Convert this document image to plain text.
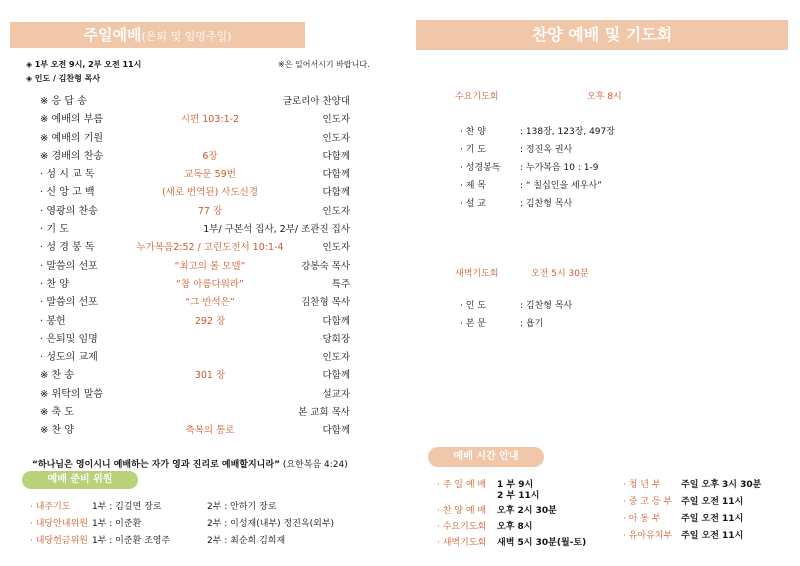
주일예배(은퇴 및 임명주일)
◈ 1부 오전 9시, 2부 오전 11시	※은 일어서시기 바랍니다.
◈ 인도 / 김찬형 목사
※ 응 답 송	글로리아 찬양대
※ 예배의 부름	시편 103:1-2	인도자
※ 예배의 기원	인도자
※ 경배의 찬송	6장	다함께
· 성 시 교 독	교독문 59번	다함께
· 신 앙 고 백	(새로 번역된) 사도신경	다함께
· 영광의 찬송	77 장	인도자
· 기 도	1부/ 구본석 집사, 2부/ 조관진 집사
· 성 경 봉 독	누가복음2:52 / 고린도전서 10:1-4	인도자
· 말씀의 선포	“최고의 롤 모델”	강봉숙 목사
· 찬 양	“참 아름다워라”	특주
· 말씀의 선포	“그 반석은”	김찬형 목사
· 봉헌	292 장	다함께
· 은퇴및 임명	당회장
· 성도의 교제	인도자
※ 찬 송	301 장	다함께
※ 위탁의 말씀	설교자
※ 축 도	본 교회 목사
※ 찬 양	축복의 통로	다함께
“하나님은 영이시니 예배하는 자가 영과 진리로 예배할지니라” (요한복음 4:24)
예배 준비 위원
· 내주기도 1부 : 김길면 장로	2부 : 안하기 장로
· 내당안내위원 1부 : 이준환	2부 : 이성재(내부) 정진옥(외부)
· 내당헌금위원 1부 : 이준환 조영주	2부 : 최순희 김희재
찬양 예배 및 기도회
수요기도회	오후 8시
· 찬 양	: 138장, 123장, 497장
· 기 도	: 정진옥 권사
· 성경봉독 : 누가복음 10 : 1-9
· 제 목	: “ 칠십인을 세우사”
· 설 교	: 김찬형 목사
새벽기도회	오전 5시 30분
· 인 도	: 김찬형 목사
· 본 문	: 욥기
예배 시간 안내
· 주 일 예 배 1 부 9시
2 부 11시
· 찬 양 예 배 오후 2시 30분
· 수요기도회 오후 8시
· 새벽기도회 새벽 5시 30분(월-토)
· 청 년 부 주일 오후 3시 30분
· 중 고 등 부 주일 오전 11시
· 아 동 부 주일 오전 11시
· 유아유치부 주일 오전 11시
